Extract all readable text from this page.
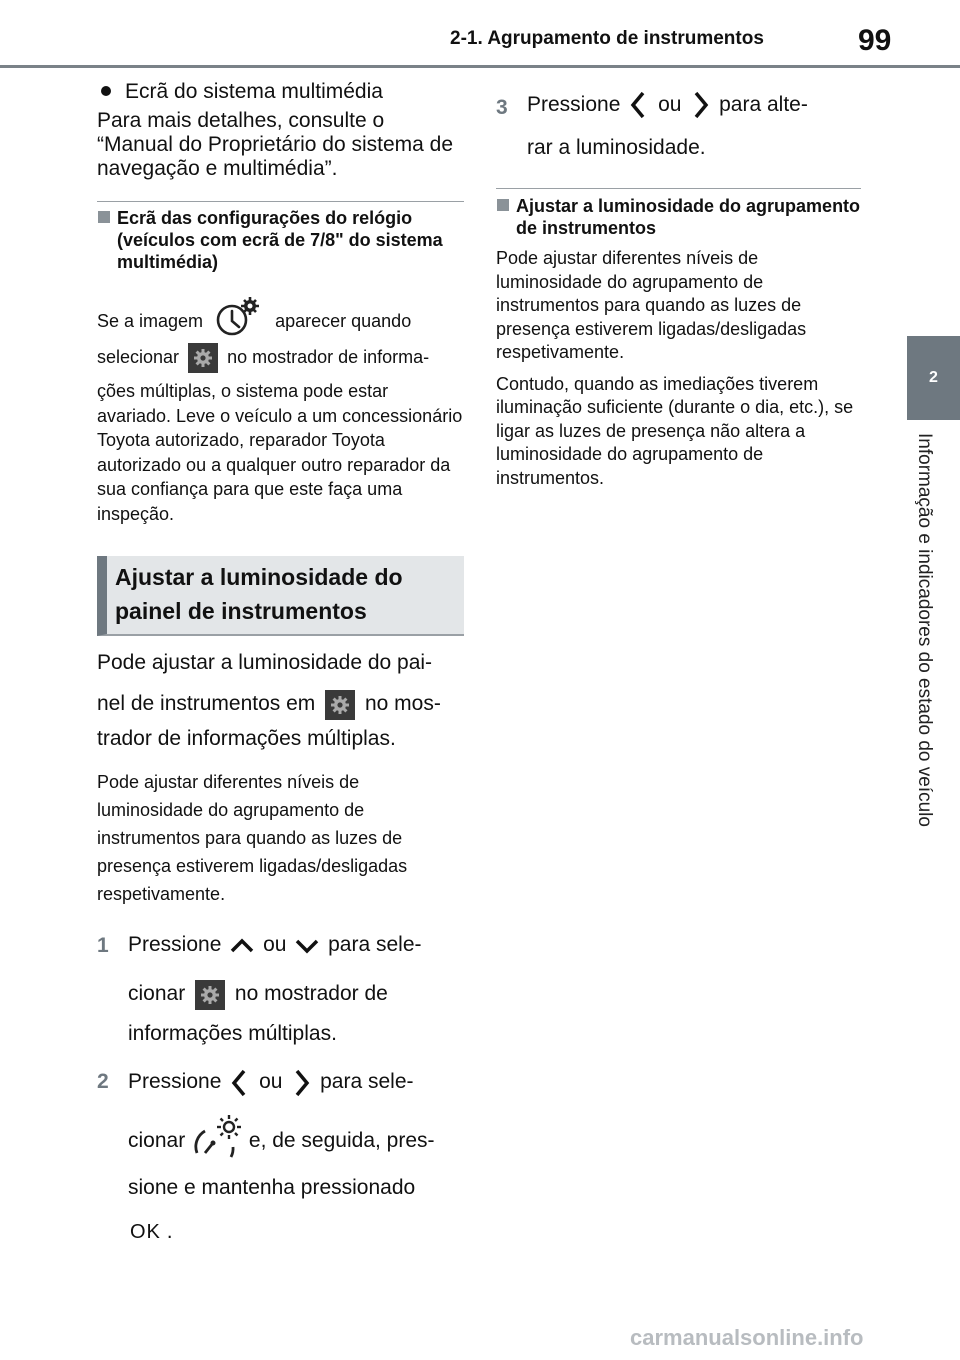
2-1. Agrupamento de instrumentos	99
2
Informação e indicadores do estado do veículo
Ecrã do sistema multimédia

Para mais detalhes, consulte o “Manual do Proprietário do sistema de navegação e multimédia”.

Ecrã das configurações do relógio (veículos com ecrã de 7/8" do sistema multimédia)

Se a imagem	aparecer quando

selecionar	no mostrador de informa-

ções múltiplas, o sistema pode estar avariado. Leve o veículo a um concessionário Toyota autorizado, reparador Toyota autorizado ou a qualquer outro reparador da sua confiança para que este faça uma inspeção.

Ajustar a luminosidade do painel de instrumentos

Pode ajustar a luminosidade do pai-

nel de instrumentos em no mos-

trador de informações múltiplas.

Pode ajustar diferentes níveis de luminosidade do agrupamento de instrumentos para quando as luzes de presença estiverem ligadas/desligadas respetivamente.

1 Pressione ou para sele-

cionar no mostrador de
informações múltiplas.
2 Pressione ou para sele-
cionar	e, de seguida, pres-
sione e mantenha pressionado
OK .
3 Pressione ou para alte-
rar a luminosidade.
Ajustar a luminosidade do agrupamento de instrumentos

Pode ajustar diferentes níveis de luminosidade do agrupamento de instrumentos para quando as luzes de presença estiverem ligadas/desligadas respetivamente.

Contudo, quando as imediações tiverem iluminação suficiente (durante o dia, etc.), se ligar as luzes de presença não altera a luminosidade do agrupamento de instrumentos.

carmanualsonline.info
